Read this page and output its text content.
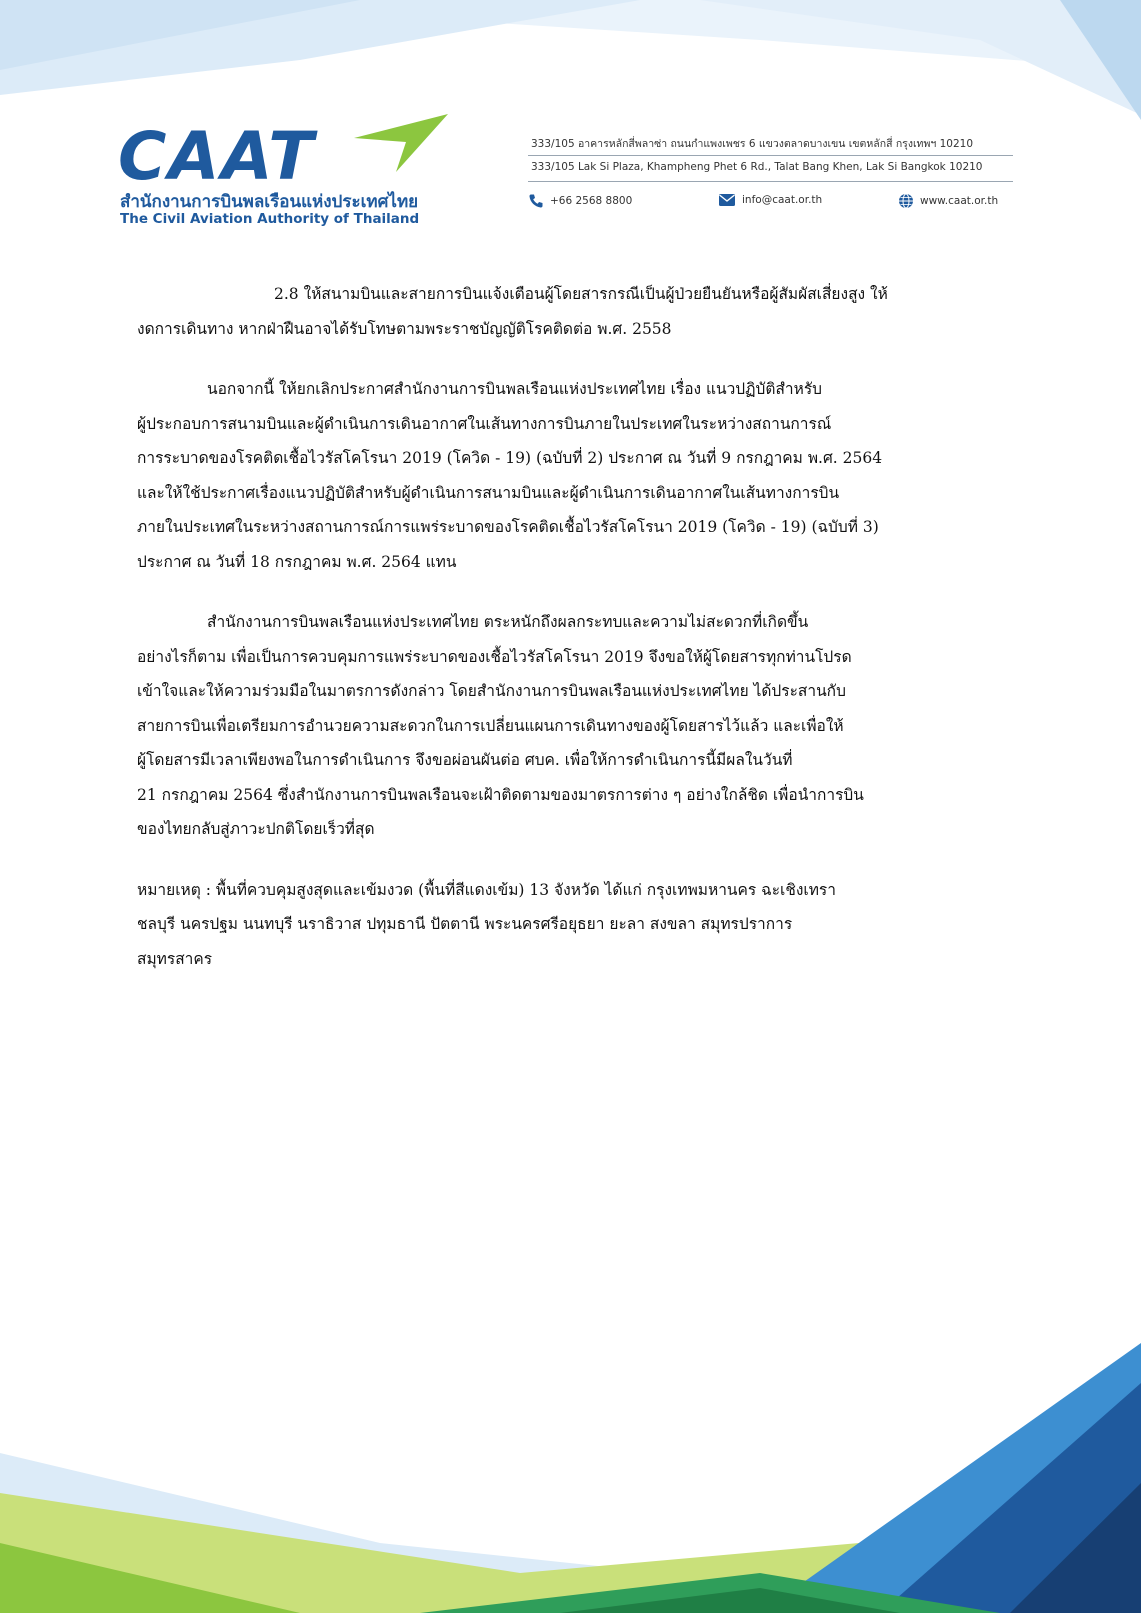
CAAT
สำนักงานการบินพลเรือนแห่งประเทศไทย
The Civil Aviation Authority of Thailand
333/105 อาคารหลักสี่พลาซ่า ถนนกำแพงเพชร 6 แขวงตลาดบางเขน เขตหลักสี่ กรุงเทพฯ 10210
333/105 Lak Si Plaza, Khampheng Phet 6 Rd., Talat Bang Khen, Lak Si Bangkok 10210
+66 2568 8800	info@caat.or.th	www.caat.or.th

2.8 ให้สนามบินและสายการบินแจ้งเตือนผู้โดยสารกรณีเป็นผู้ป่วยยืนยันหรือผู้สัมผัสเสี่ยงสูง ให้

งดการเดินทาง หากฝ่าฝืนอาจได้รับโทษตามพระราชบัญญัติโรคติดต่อ พ.ศ. 2558

นอกจากนี้ ให้ยกเลิกประกาศสำนักงานการบินพลเรือนแห่งประเทศไทย เรื่อง แนวปฏิบัติสำหรับ

ผู้ประกอบการสนามบินและผู้ดำเนินการเดินอากาศในเส้นทางการบินภายในประเทศในระหว่างสถานการณ์

การระบาดของโรคติดเชื้อไวรัสโคโรนา 2019 (โควิด - 19) (ฉบับที่ 2) ประกาศ ณ วันที่ 9 กรกฎาคม พ.ศ. 2564

และให้ใช้ประกาศเรื่องแนวปฏิบัติสำหรับผู้ดำเนินการสนามบินและผู้ดำเนินการเดินอากาศในเส้นทางการบิน

ภายในประเทศในระหว่างสถานการณ์การแพร่ระบาดของโรคติดเชื้อไวรัสโคโรนา 2019 (โควิด - 19) (ฉบับที่ 3)

ประกาศ ณ วันที่ 18 กรกฎาคม พ.ศ. 2564 แทน

สำนักงานการบินพลเรือนแห่งประเทศไทย ตระหนักถึงผลกระทบและความไม่สะดวกที่เกิดขึ้น

อย่างไรก็ตาม เพื่อเป็นการควบคุมการแพร่ระบาดของเชื้อไวรัสโคโรนา 2019 จึงขอให้ผู้โดยสารทุกท่านโปรด

เข้าใจและให้ความร่วมมือในมาตรการดังกล่าว โดยสำนักงานการบินพลเรือนแห่งประเทศไทย ได้ประสานกับ

สายการบินเพื่อเตรียมการอำนวยความสะดวกในการเปลี่ยนแผนการเดินทางของผู้โดยสารไว้แล้ว และเพื่อให้

ผู้โดยสารมีเวลาเพียงพอในการดำเนินการ จึงขอผ่อนผันต่อ ศบค. เพื่อให้การดำเนินการนี้มีผลในวันที่

21 กรกฎาคม 2564 ซึ่งสำนักงานการบินพลเรือนจะเฝ้าติดตามของมาตรการต่าง ๆ อย่างใกล้ชิด เพื่อนำการบิน

ของไทยกลับสู่ภาวะปกติโดยเร็วที่สุด

หมายเหตุ : พื้นที่ควบคุมสูงสุดและเข้มงวด (พื้นที่สีแดงเข้ม) 13 จังหวัด ได้แก่ กรุงเทพมหานคร ฉะเชิงเทรา

ชลบุรี นครปฐม นนทบุรี นราธิวาส ปทุมธานี ปัตตานี พระนครศรีอยุธยา ยะลา สงขลา สมุทรปราการ

สมุทรสาคร
